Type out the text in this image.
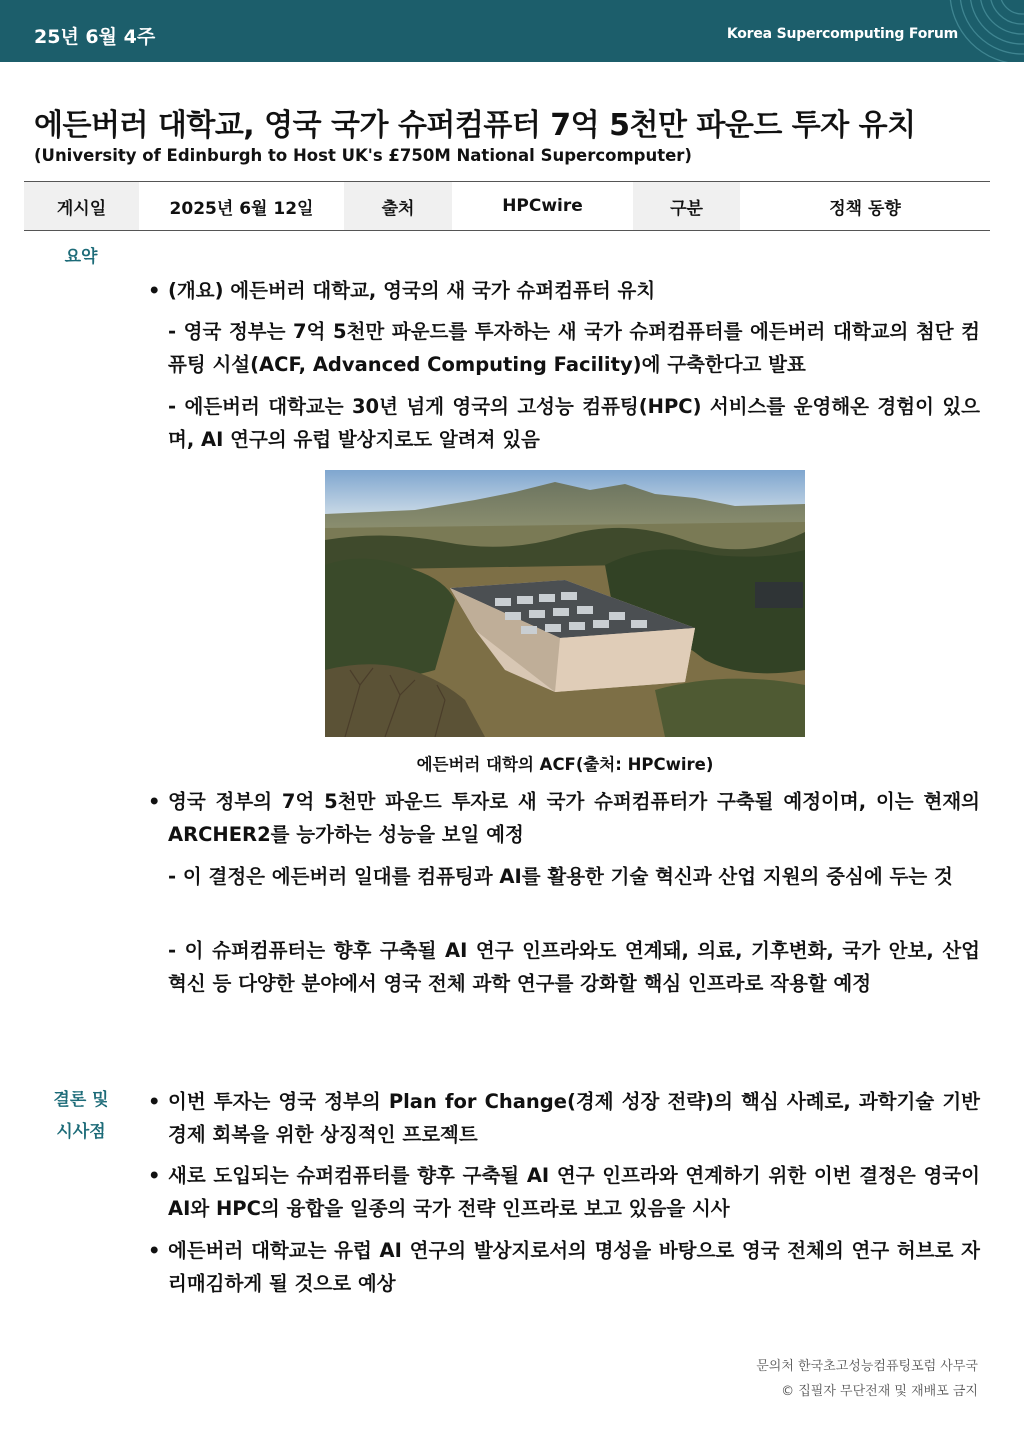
25년 6월 4주	Korea Supercomputing Forum
에든버러 대학교, 영국 국가 슈퍼컴퓨터 7억 5천만 파운드 투자 유치
(University of Edinburgh to Host UK's £750M National Supercomputer)
게시일	2025년 6월 12일	출처	HPCwire	구분	정책 동향
요약
• (개요) 에든버러 대학교, 영국의 새 국가 슈퍼컴퓨터 유치
- 영국 정부는 7억 5천만 파운드를 투자하는 새 국가 슈퍼컴퓨터를 에든버러 대학교의 첨단 컴퓨팅 시설(ACF, Advanced Computing Facility)에 구축한다고 발표
- 에든버러 대학교는 30년 넘게 영국의 고성능 컴퓨팅(HPC) 서비스를 운영해온 경험이 있으며, AI 연구의 유럽 발상지로도 알려져 있음
에든버러 대학의 ACF(출처: HPCwire)
• 영국 정부의 7억 5천만 파운드 투자로 새 국가 슈퍼컴퓨터가 구축될 예정이며, 이는 현재의 ARCHER2를 능가하는 성능을 보일 예정
- 이 결정은 에든버러 일대를 컴퓨팅과 AI를 활용한 기술 혁신과 산업 지원의 중심에 두는 것
- 이 슈퍼컴퓨터는 향후 구축될 AI 연구 인프라와도 연계돼, 의료, 기후변화, 국가 안보, 산업 혁신 등 다양한 분야에서 영국 전체 과학 연구를 강화할 핵심 인프라로 작용할 예정
결론 및
시사점
• 이번 투자는 영국 정부의 Plan for Change(경제 성장 전략)의 핵심 사례로, 과학기술 기반 경제 회복을 위한 상징적인 프로젝트
• 새로 도입되는 슈퍼컴퓨터를 향후 구축될 AI 연구 인프라와 연계하기 위한 이번 결정은 영국이 AI와 HPC의 융합을 일종의 국가 전략 인프라로 보고 있음을 시사
• 에든버러 대학교는 유럽 AI 연구의 발상지로서의 명성을 바탕으로 영국 전체의 연구 허브로 자리매김하게 될 것으로 예상
문의처 한국초고성능컴퓨팅포럼 사무국
© 집필자 무단전재 및 재배포 금지
